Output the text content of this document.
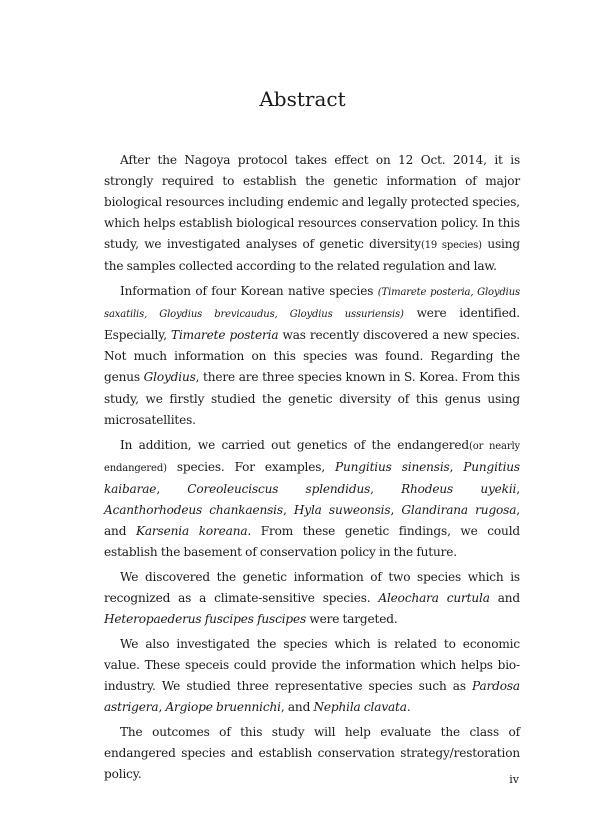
Abstract

After the Nagoya protocol takes effect on 12 Oct. 2014, it is strongly required to establish the genetic information of major biological resources including endemic and legally protected species, which helps establish biological resources conservation policy. In this study, we investigated analyses of genetic diversity(19 species) using the samples collected according to the related regulation and law.

Information of four Korean native species (Timarete posteria, Gloydius saxatilis, Gloydius brevicaudus, Gloydius ussuriensis) were identified. Especially, Timarete posteria was recently discovered a new species. Not much information on this species was found. Regarding the genus Gloydius, there are three species known in S. Korea. From this study, we firstly studied the genetic diversity of this genus using microsatellites.

In addition, we carried out genetics of the endangered(or nearly endangered) species. For examples, Pungitius sinensis, Pungitius kaibarae, Coreoleuciscus splendidus, Rhodeus uyekii, Acanthorhodeus chankaensis, Hyla suweonsis, Glandirana rugosa, and Karsenia koreana. From these genetic findings, we could establish the basement of conservation policy in the future.

We discovered the genetic information of two species which is recognized as a climate-sensitive species. Aleochara curtula and Heteropaederus fuscipes fuscipes were targeted.

We also investigated the species which is related to economic value. These speceis could provide the information which helps bio-industry. We studied three representative species such as Pardosa astrigera, Argiope bruennichi, and Nephila clavata.

The outcomes of this study will help evaluate the class of endangered species and establish conservation strategy/restoration policy.	iv
